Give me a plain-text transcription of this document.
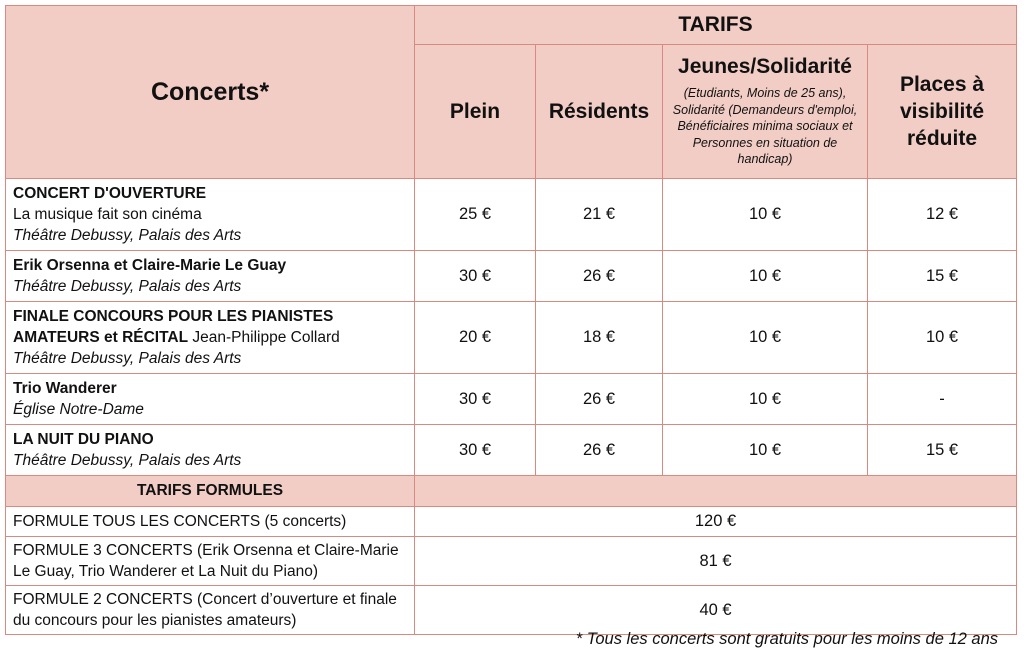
Concerts*	TARIFS			
	Plein	Résidents	Jeunes/Solidarité
(Etudiants, Moins de 25 ans), Solidarité (Demandeurs d'emploi, Bénéficiaires minima sociaux et Personnes en situation de handicap)	Places à visibilité réduite
CONCERT D'OUVERTURE
La musique fait son cinéma
Théâtre Debussy, Palais des Arts	25 €	21 €	10 €	12 €
Erik Orsenna et Claire-Marie Le Guay
Théâtre Debussy, Palais des Arts	30 €	26 €	10 €	15 €
FINALE CONCOURS POUR LES PIANISTES AMATEURS et RÉCITAL Jean-Philippe Collard
Théâtre Debussy, Palais des Arts	20 €	18 €	10 €	10 €
Trio Wanderer
Église Notre-Dame	30 €	26 €	10 €	-
LA NUIT DU PIANO
Théâtre Debussy, Palais des Arts	30 €	26 €	10 €	15 €
TARIFS FORMULES				
FORMULE TOUS LES CONCERTS (5 concerts)	120 €			
FORMULE 3 CONCERTS (Erik Orsenna et Claire-Marie Le Guay, Trio Wanderer et La Nuit du Piano)	81 €			
FORMULE 2 CONCERTS (Concert d’ouverture et finale du concours pour les pianistes amateurs)	40 €			
* Tous les concerts sont gratuits pour les moins de 12 ans
